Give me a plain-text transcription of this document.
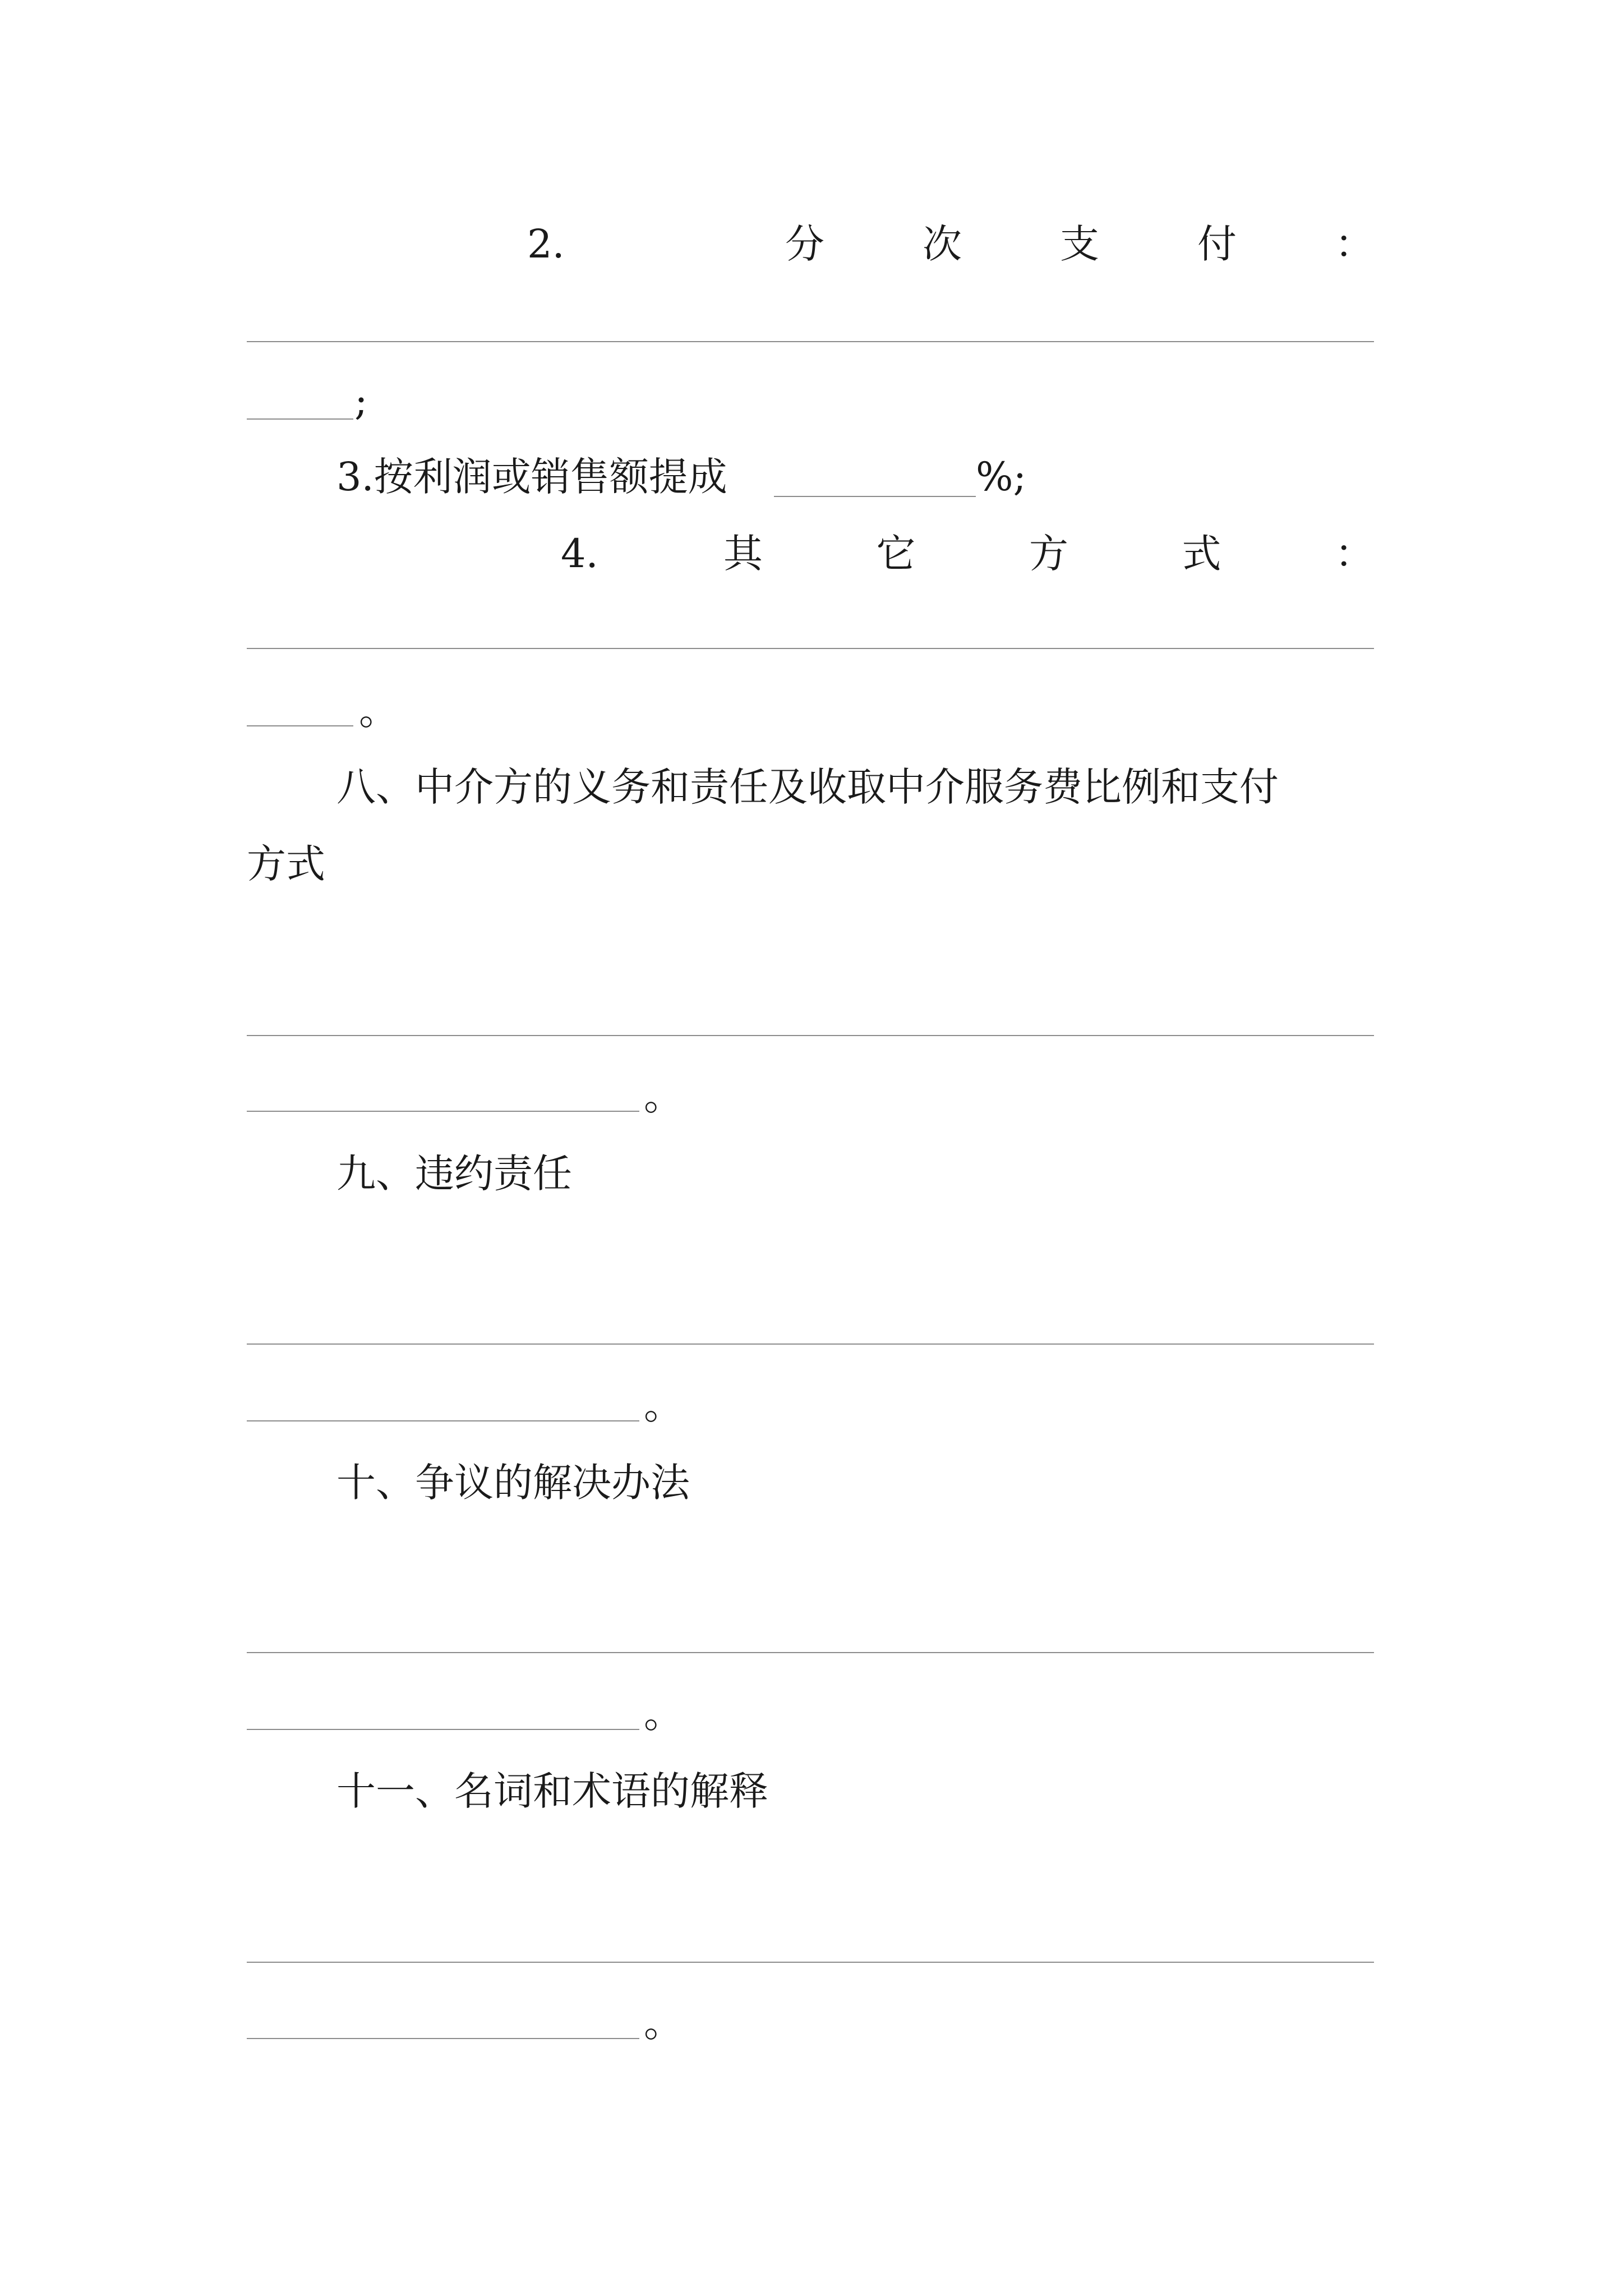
2.	分	次	支	付	：
;
3.按利润或销售额提成	%;
4.	其	它	方	式	：
。
八、中介方的义务和责任及收取中介服务费比例和支付
方式
。
九、违约责任
。
十、争议的解决办法
。
十一、名词和术语的解释
。
